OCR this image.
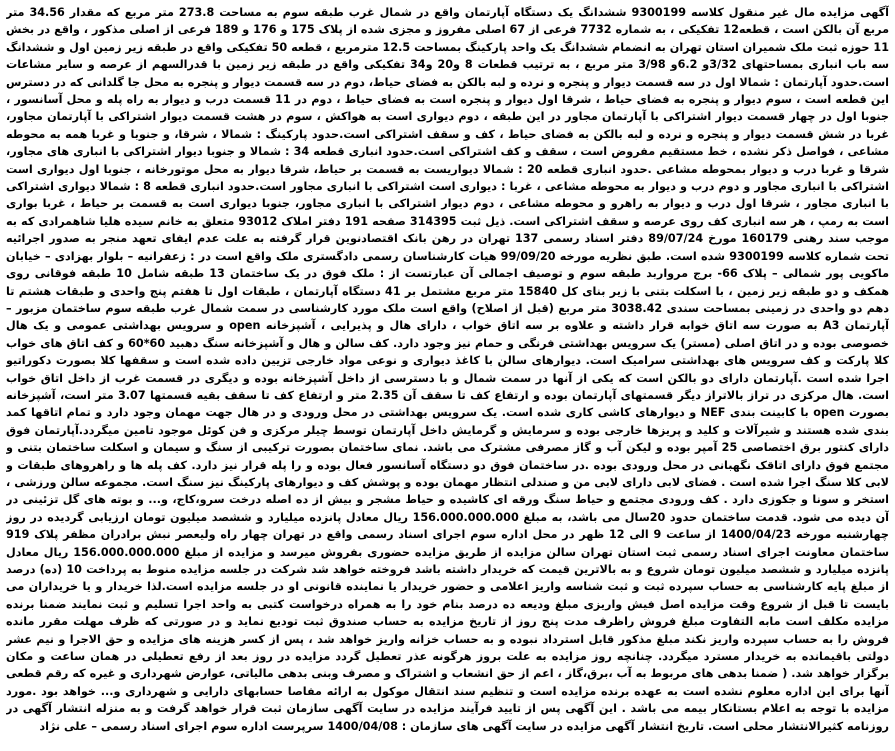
آگهی مزایده مال غیر منقول کلاسه 9300199 ششدانگ یک دستگاه آپارتمان واقع در شمال غرب طبقه سوم به مساحت 273.8 متر مربع که مقدار 34.56 متر مربع آن بالکن است ، قطعه12 تفکیکی ، به شماره 7732 فرعی از 67 اصلی مفروز و مجزی شده از پلاک 175 و 176 و 189 فرعی از اصلی مذکور ، واقع در بخش 11 حوزه ثبت ملک شمیران استان تهران به انضمام ششدانگ یک واحد پارکینگ بمساحت 12.5 مترمربع ، قطعه 50 تفکیکی واقع در طبقه زیر زمین اول و ششدانگ سه باب انباری بمساحتهای 3/32و 6.2و 3/98 متر مربع ، به ترتیب قطعات 8 و20 و34 تفکیکی واقع در طبقه زیر زمین با قدرالسهم از عرصه و سایر مشاعات است.حدود آپارتمان : شمالا اول در سه قسمت دیوار و پنجره و نرده و لبه بالکن به فضای حیاط، دوم در سه قسمت دیوار و پنجره به محل جا گلدانی که در دسترس این قطعه است ، سوم دیوار و پنجره به فضای حیاط ، شرقا اول دیوار و پنجره است به فضای حیاط ، دوم در 11 قسمت درب و دیوار به راه پله و محل آسانسور ، جنوبا اول در چهار قسمت دیوار اشتراکی با آپارتمان مجاور در این طبقه ، دوم دیواری است به هواکش ، سوم در هشت قسمت دیوار اشتراکی با آپارتمان مجاور، غربا در شش قسمت دیوار و پنجره و نرده و لبه بالکن به فضای حیاط ، کف و سقف اشتراکی است.حدود پارکینگ : شمالا ، شرقا، و جنوبا و غربا همه به محوطه مشاعی ، فواصل ذکر نشده ، خط مستقیم مفروض است ، سقف و کف اشتراکی است.حدود انباری قطعه 34 : شمالا و جنوبا دیوار اشتراکی با انباری های مجاور، شرقا و غربا درب و دیوار بمحوطه مشاعی .حدود انباری قطعه 20 : شمالا دیواریست به قسمت بر حیاط، شرقا دیوار به محل موتورخانه ، جنوبا اول دیواری است اشتراکی با انباری مجاور و دوم درب و دیوار به محوطه مشاعی ، غربا : دیواری است اشتراکی با انباری مجاور است.حدود انباری قطعه 8 : شمالا دیواری اشتراکی با انباری مجاور ، شرقا اول درب و دیوار به راهرو و محوطه مشاعی ، دوم دیوار اشتراکی با انباری مجاور، جنوبا دیواری است به قسمت بر حیاط ، غربا بواری است به رمپ ، هر سه انباری کف روی عرصه و سقف اشتراکی است. ذیل ثبت 314395 صفحه 191 دفتر املاک 93012 متعلق به خانم سیده هلیا شاهمرادی که به موجب سند رهنی 160179 مورخ 89/07/24 دفتر اسناد رسمی 137 تهران در رهن بانک اقتصادنوین قرار گرفته به علت عدم ایفای تعهد منجر به صدور اجرائیه تحت شماره کلاسه 9300199 شده است. طبق نظریه مورخه 99/09/20 هیات کارشناسان رسمی دادگستری ملک واقع است در : زعفرانیه – بلوار بهزادی – خیابان ماکویی پور شمالی – پلاک 66- برج مرواربد طبقه سوم و توصیف اجمالی آن عبارتست از : ملک فوق در یک ساختمان 13 طبقه شامل 10 طبقه فوقانی روی همکف و دو طبقه زیر زمین ، با اسکلت بتنی با زیر بنای کل 15840 متر مربع مشتمل بر 41 دستگاه آپارتمان ، طبقات اول تا هفتم پنج واحدی و طبقات هشتم تا دهم دو واحدی در زمینی بمساحت سندی 3038.42 متر مربع (قبل از اصلاح) واقع است ملک مورد کارشناسی در سمت شمال غرب طبقه سوم ساختمان مزبور – آپارتمان A3 به صورت سه اتاق خوابه قرار داشته و علاوه بر سه اتاق خواب ، دارای هال و پذیرایی ، آشپزخانه open و سرویس بهداشتی عمومی و یک هال خصوصی بوده و در اتاق اصلی (مستر) یک سرویس بهداشتی فرنگی و حمام نیز وجود دارد. کف سالن و هال و آشپزخانه سنگ دهبید 60*60 و کف اتاق های خواب کلا پارکت و کف سرویس های بهداشتی سرامیک است. دیوارهای سالن با کاغذ دیواری و نوعی مواد خارجی تزیین داده شده است و سقفها کلا بصورت دکوراتیو اجرا شده است .آپارتمان دارای دو بالکن است که یکی از آنها در سمت شمال و با دسترسی از داخل آشپزخانه بوده و دیگری در قسمت غرب از داخل اتاق خواب است. هال مرکزی در تراز بالاتراز دیگر قسمتهای آپارتمان بوده و ارتفاع کف تا سقف آن 2.35 متر و ارتفاع کف تا سقف بقیه قسمتها 3.07 متر است، آشپزخانه بصورت open با کابینت بندی NEF و دیوارهای کاشی کاری شده است. یک سرویس بهداشتی در محل ورودی و در هال جهت مهمان وجود دارد و تمام اتاقها کمد بندی شده هستند و شیرآلات و کلید و پریزها خارجی بوده و سرمایش و گرمایش داخل آپارتمان توسط چیلر مرکزی و فن کوئل موجود تامین میگردد.آپارتمان فوق دارای کنتور برق اختصاصی 25 آمپر بوده و لیکن آب و گاز مصرفی مشترک می باشد. نمای ساختمان بصورت ترکیبی از سنگ و سیمان و اسکلت ساختمان بتنی و مجتمع فوق دارای اتاقک نگهبانی در محل ورودی بوده .در ساختمان فوق دو دستگاه آسانسور فعال بوده و را پله قرار نیز دارد. کف پله ها و راهروهای طبقات و لابی کلا سنگ اجرا شده است . فضای لابی دارای لابی من و صندلی انتظار مهمان بوده و پوشش کف و دیوارهای پارکینگ نیز سنگ است. مجموعه سالن ورزشی ، استخر و سونا و جکوزی دارد . کف ورودی مجتمع و حیاط سنگ ورقه ای کاشیده و حیاط مشجر و بیش از ده اصله درخت سرو،کاج، و... و بوته های گل تزئینی در آن دیده می شود. قدمت ساختمان حدود 20سال می باشد، به مبلغ 156.000.000.000 ریال معادل پانزده میلیارد و ششصد میلیون تومان ارزیابی گردیده در روز چهارشنبه مورخه 1400/04/23 از ساعت 9 الی 12 ظهر در محل اداره سوم اجرای اسناد رسمی واقع در تهران چهار راه ولیعصر نبش برادران مظفر پلاک 919 ساختمان معاونت اجرای اسناد رسمی ثبت استان تهران سالن مزایده از طریق مزایده حضوری بفروش میرسد و مزایده از مبلغ 156.000.000.000 ریال معادل پانزده میلیارد و ششصد میلیون تومان شروع و به بالاترین قیمت که خریدار داشته باشد فروخته خواهد شد شرکت در جلسه مزایده منوط به پرداخت 10 (ده) درصد از مبلغ پایه کارشناسی به حساب سپرده ثبت و ثبت شناسه واریز اعلامی و حضور خریدار یا نماینده قانونی او در جلسه مزایده است.لذا خریدار و یا خریداران می بایست تا قبل از شروع وقت مزایده اصل فیش واریزی مبلغ ودیعه ده درصد بنام خود را به همراه درخواست کتبی به واحد اجرا تسلیم و ثبت نمایند ضمنا برنده مزایده مکلف است مابه التفاوت مبلغ فروش راظرف مدت پنج روز از تاریخ مزایده به حساب صندوق ثبت تودیع نماید و در صورتی که ظرف مهلت مقرر مانده فروش را به حساب سپرده واریز نکند مبلغ مذکور قابل استرداد نبوده و به حساب خزانه واریز خواهد شد ، پس از کسر هزینه های مزایده و حق الاجرا و نیم عشر دولتی باقیمانده به خریدار مسترد میگردد. چنانچه روز مزایده به علت بروز هرگونه عذر تعطیل گردد مزایده در روز بعد از رفع تعطیلی در همان ساعت و مکان برگزار خواهد شد. ( ضمنا بدهی های مربوط به آب ،برق،گاز ، اعم از حق انشعاب و اشتراک و مصرف وبنی بدهی مالیاتی، عوارض شهرداری و غیره که رقم قطعی آنها برای این اداره معلوم نشده است به عهده برنده مزایده است و تنظیم سند انتقال موکول به ارائه مفاصا حسابهای دارایی و شهرداری و... خواهد بود .مورد مزایده با توجه به اعلام بستانکار بیمه می باشد . این آگهی پس از تایید فرآیند مزایده در سایت آگهی سازمان ثبت قرار خواهد گرفت و به منزله انتشار آگهی در روزنامه کثیرالانتشار محلی است. تاریخ انتشار آگهی مزایده در سایت آگهی های سازمان : 1400/04/08 سرپرست اداره سوم اجرای اسناد رسمی – علی نژاد
